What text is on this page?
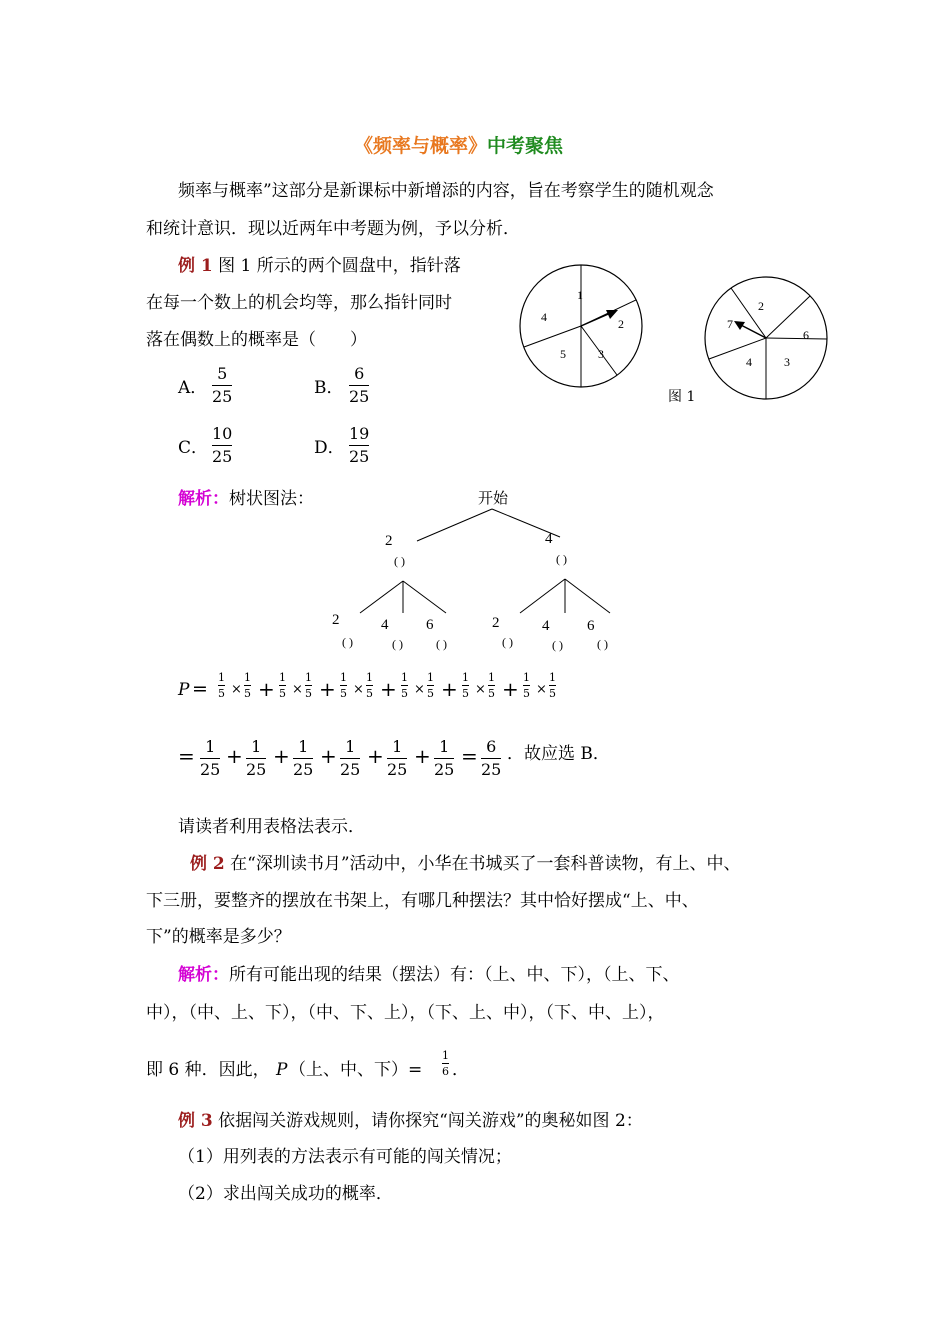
《频率与概率》中考聚焦
频率与概率”这部分是新课标中新增添的内容，旨在考察学生的随机观念
和统计意识．现以近两年中考题为例，予以分析．
例 1 图 1 所示的两个圆盘中，指针落
在每一个数上的机会均等，那么指针同时
落在偶数上的概率是（　　）
A．
5
25	B．
6
25
C．
10
25	D．
19
25
1
2
3
5
4
2
6
3
4
7
图 1
解析：树状图法：	开始
2
( )
4
( )
2
( )
4
( )
6
( )
2
( )
4
( )
6
( )
P =
1
5 ×
1
5 + 1
5 ×
1
5 + 1
5 ×
1
5 + 1
5 ×
1
5 + 1
5 ×
1
5 + 1
5 ×
1
5
= 1
25
+ 1
25
+ 1
25
+ 1
25
+ 1
25
+ 1
25
= 6
25
．故应选 B．
请读者利用表格法表示．
例 2 在“深圳读书月”活动中，小华在书城买了一套科普读物，有上、中、
下三册，要整齐的摆放在书架上，有哪几种摆法？其中恰好摆成“上、中、
下”的概率是多少？
解析：所有可能出现的结果（摆法）有：（上、中、下），（上、下、
中），（中、上、下），（中、下、上），（下、上、中），（下、中、上），
即 6 种．因此， P （上、中、下）=
1
6 ．
例 3 依据闯关游戏规则，请你探究“闯关游戏”的奥秘如图 2：
（1）用列表的方法表示有可能的闯关情况；
（2）求出闯关成功的概率．
